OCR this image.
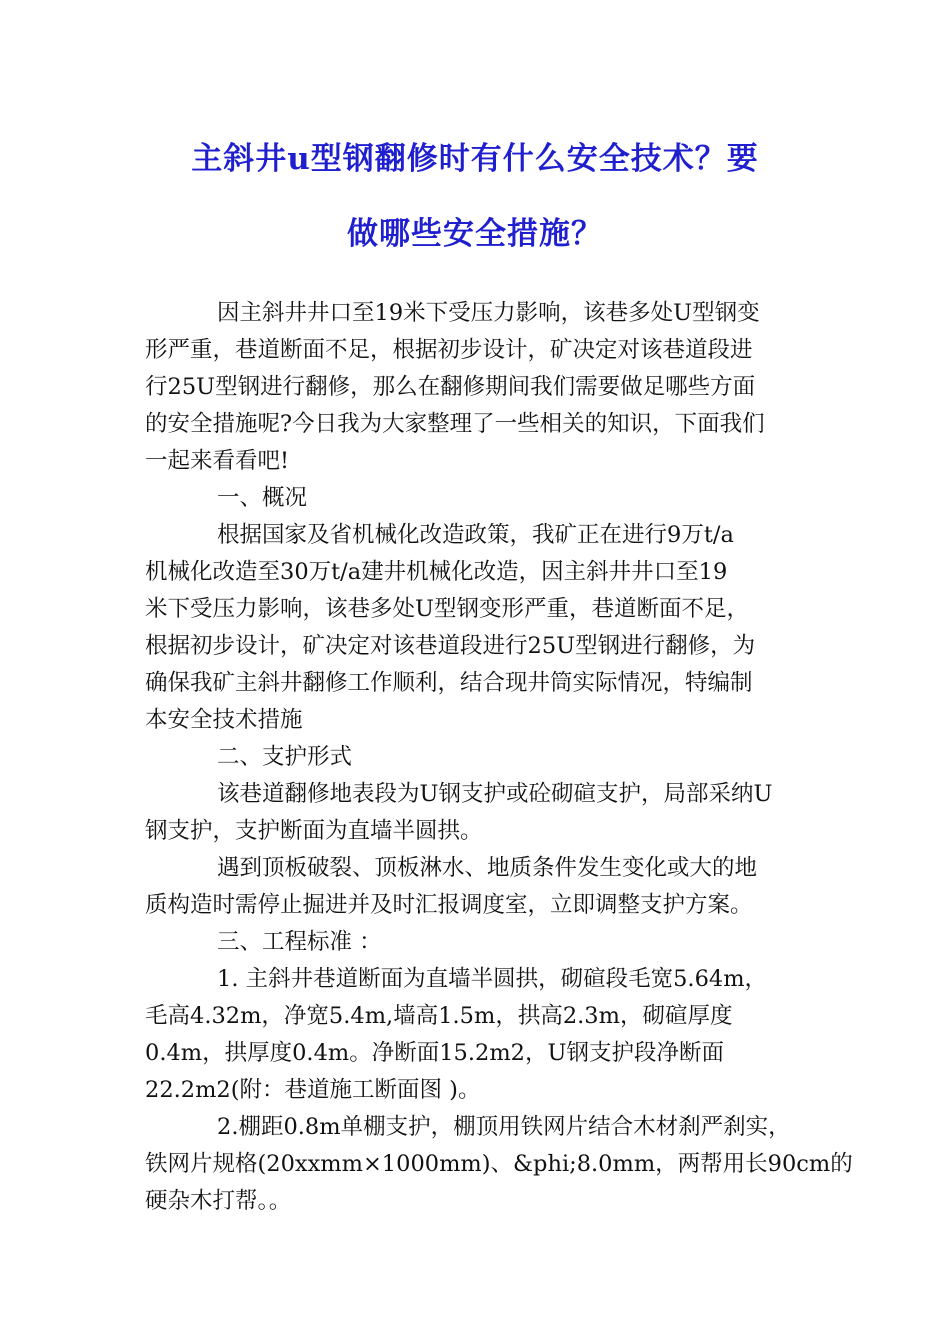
主斜井u型钢翻修时有什么安全技术？要
做哪些安全措施？
因主斜井井口至19米下受压力影响，该巷多处U型钢变
形严重，巷道断面不足，根据初步设计，矿决定对该巷道段进
行25U型钢进行翻修，那么在翻修期间我们需要做足哪些方面
的安全措施呢?今日我为大家整理了一些相关的知识，下面我们
一起来看看吧!
一、概况
根据国家及省机械化改造政策，我矿正在进行9万t/a
机械化改造至30万t/a建井机械化改造，因主斜井井口至19
米下受压力影响，该巷多处U型钢变形严重，巷道断面不足，
根据初步设计，矿决定对该巷道段进行25U型钢进行翻修，为
确保我矿主斜井翻修工作顺利，结合现井筒实际情况，特编制
本安全技术措施
二、支护形式
该巷道翻修地表段为U钢支护或砼砌碹支护，局部采纳U
钢支护，支护断面为直墙半圆拱。
遇到顶板破裂、顶板淋水、地质条件发生变化或大的地
质构造时需停止掘进并及时汇报调度室，立即调整支护方案。
三、工程标准 ：
1. 主斜井巷道断面为直墙半圆拱，砌碹段毛宽5.64m，
毛高4.32m，净宽5.4m,墙高1.5m，拱高2.3m，砌碹厚度
0.4m，拱厚度0.4m。净断面15.2m2，U钢支护段净断面
22.2m2(附：巷道施工断面图 )。
2.棚距0.8m单棚支护，棚顶用铁网片结合木材刹严刹实，
铁网片规格(20xxmm×1000mm)、&phi;8.0mm，两帮用长90cm的
硬杂木打帮。。
